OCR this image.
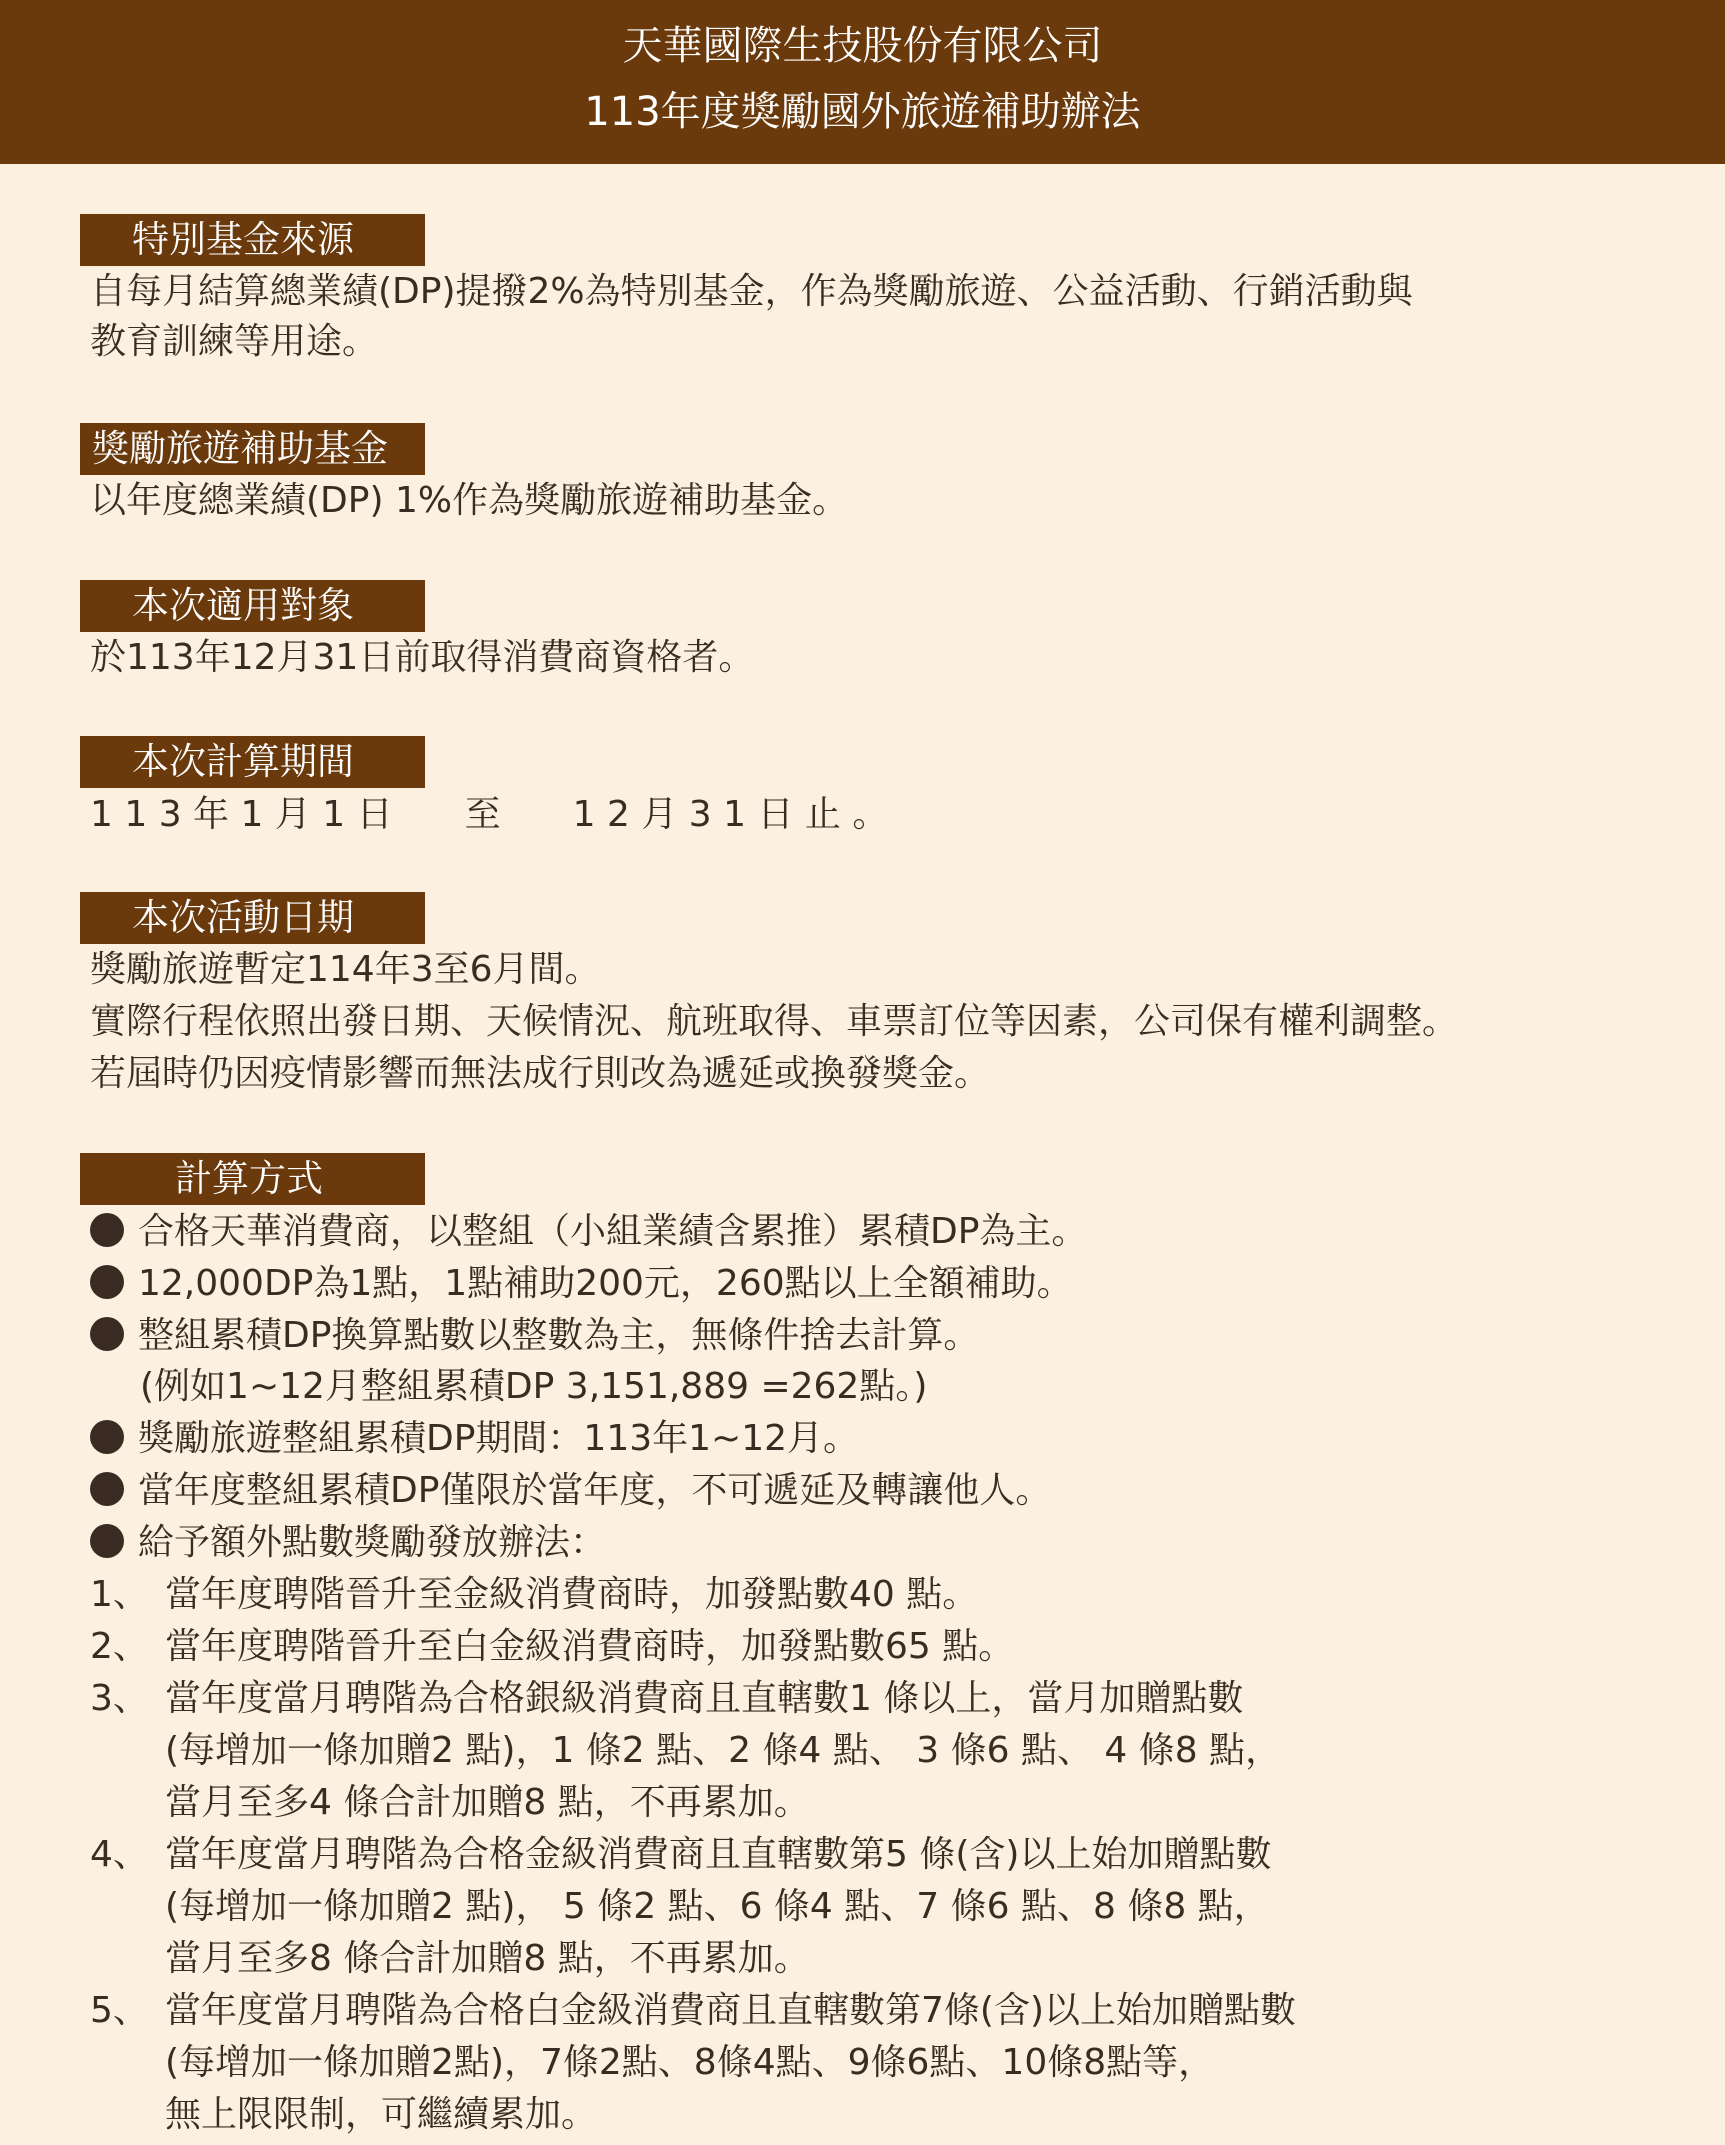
天華國際生技股份有限公司
113年度獎勵國外旅遊補助辦法
特別基金來源
自每月結算總業績(DP)提撥2%為特別基金，作為獎勵旅遊、公益活動、行銷活動與
教育訓練等用途。
獎勵旅遊補助基金
以年度總業績(DP) 1%作為獎勵旅遊補助基金。
本次適用對象
於113年12月31日前取得消費商資格者。
本次計算期間
1 1 3 年 1 月 1 日　　至　　1 2 月 3 1 日 止 。
本次活動日期
獎勵旅遊暫定114年3至6月間。
實際行程依照出發日期、天候情況、航班取得、車票訂位等因素，公司保有權利調整。
若屆時仍因疫情影響而無法成行則改為遞延或換發獎金。
計算方式
合格天華消費商，以整組（小組業績含累推）累積DP為主。
12,000DP為1點，1點補助200元，260點以上全額補助。
整組累積DP換算點數以整數為主，無條件捨去計算。
(例如1~12月整組累積DP 3,151,889 =262點。)
獎勵旅遊整組累積DP期間：113年1~12月。
當年度整組累積DP僅限於當年度，不可遞延及轉讓他人。
給予額外點數獎勵發放辦法：
1、 當年度聘階晉升至金級消費商時，加發點數40 點。
2、 當年度聘階晉升至白金級消費商時，加發點數65 點。
3、 當年度當月聘階為合格銀級消費商且直轄數1 條以上，當月加贈點數
(每增加一條加贈2 點)，1 條2 點、2 條4 點、 3 條6 點、 4 條8 點，
當月至多4 條合計加贈8 點，不再累加。
4、 當年度當月聘階為合格金級消費商且直轄數第5 條(含)以上始加贈點數
(每增加一條加贈2 點)， 5 條2 點、6 條4 點、7 條6 點、8 條8 點，
當月至多8 條合計加贈8 點，不再累加。
5、 當年度當月聘階為合格白金級消費商且直轄數第7條(含)以上始加贈點數
(每增加一條加贈2點)，7條2點、8條4點、9條6點、10條8點等，
無上限限制，可繼續累加。
